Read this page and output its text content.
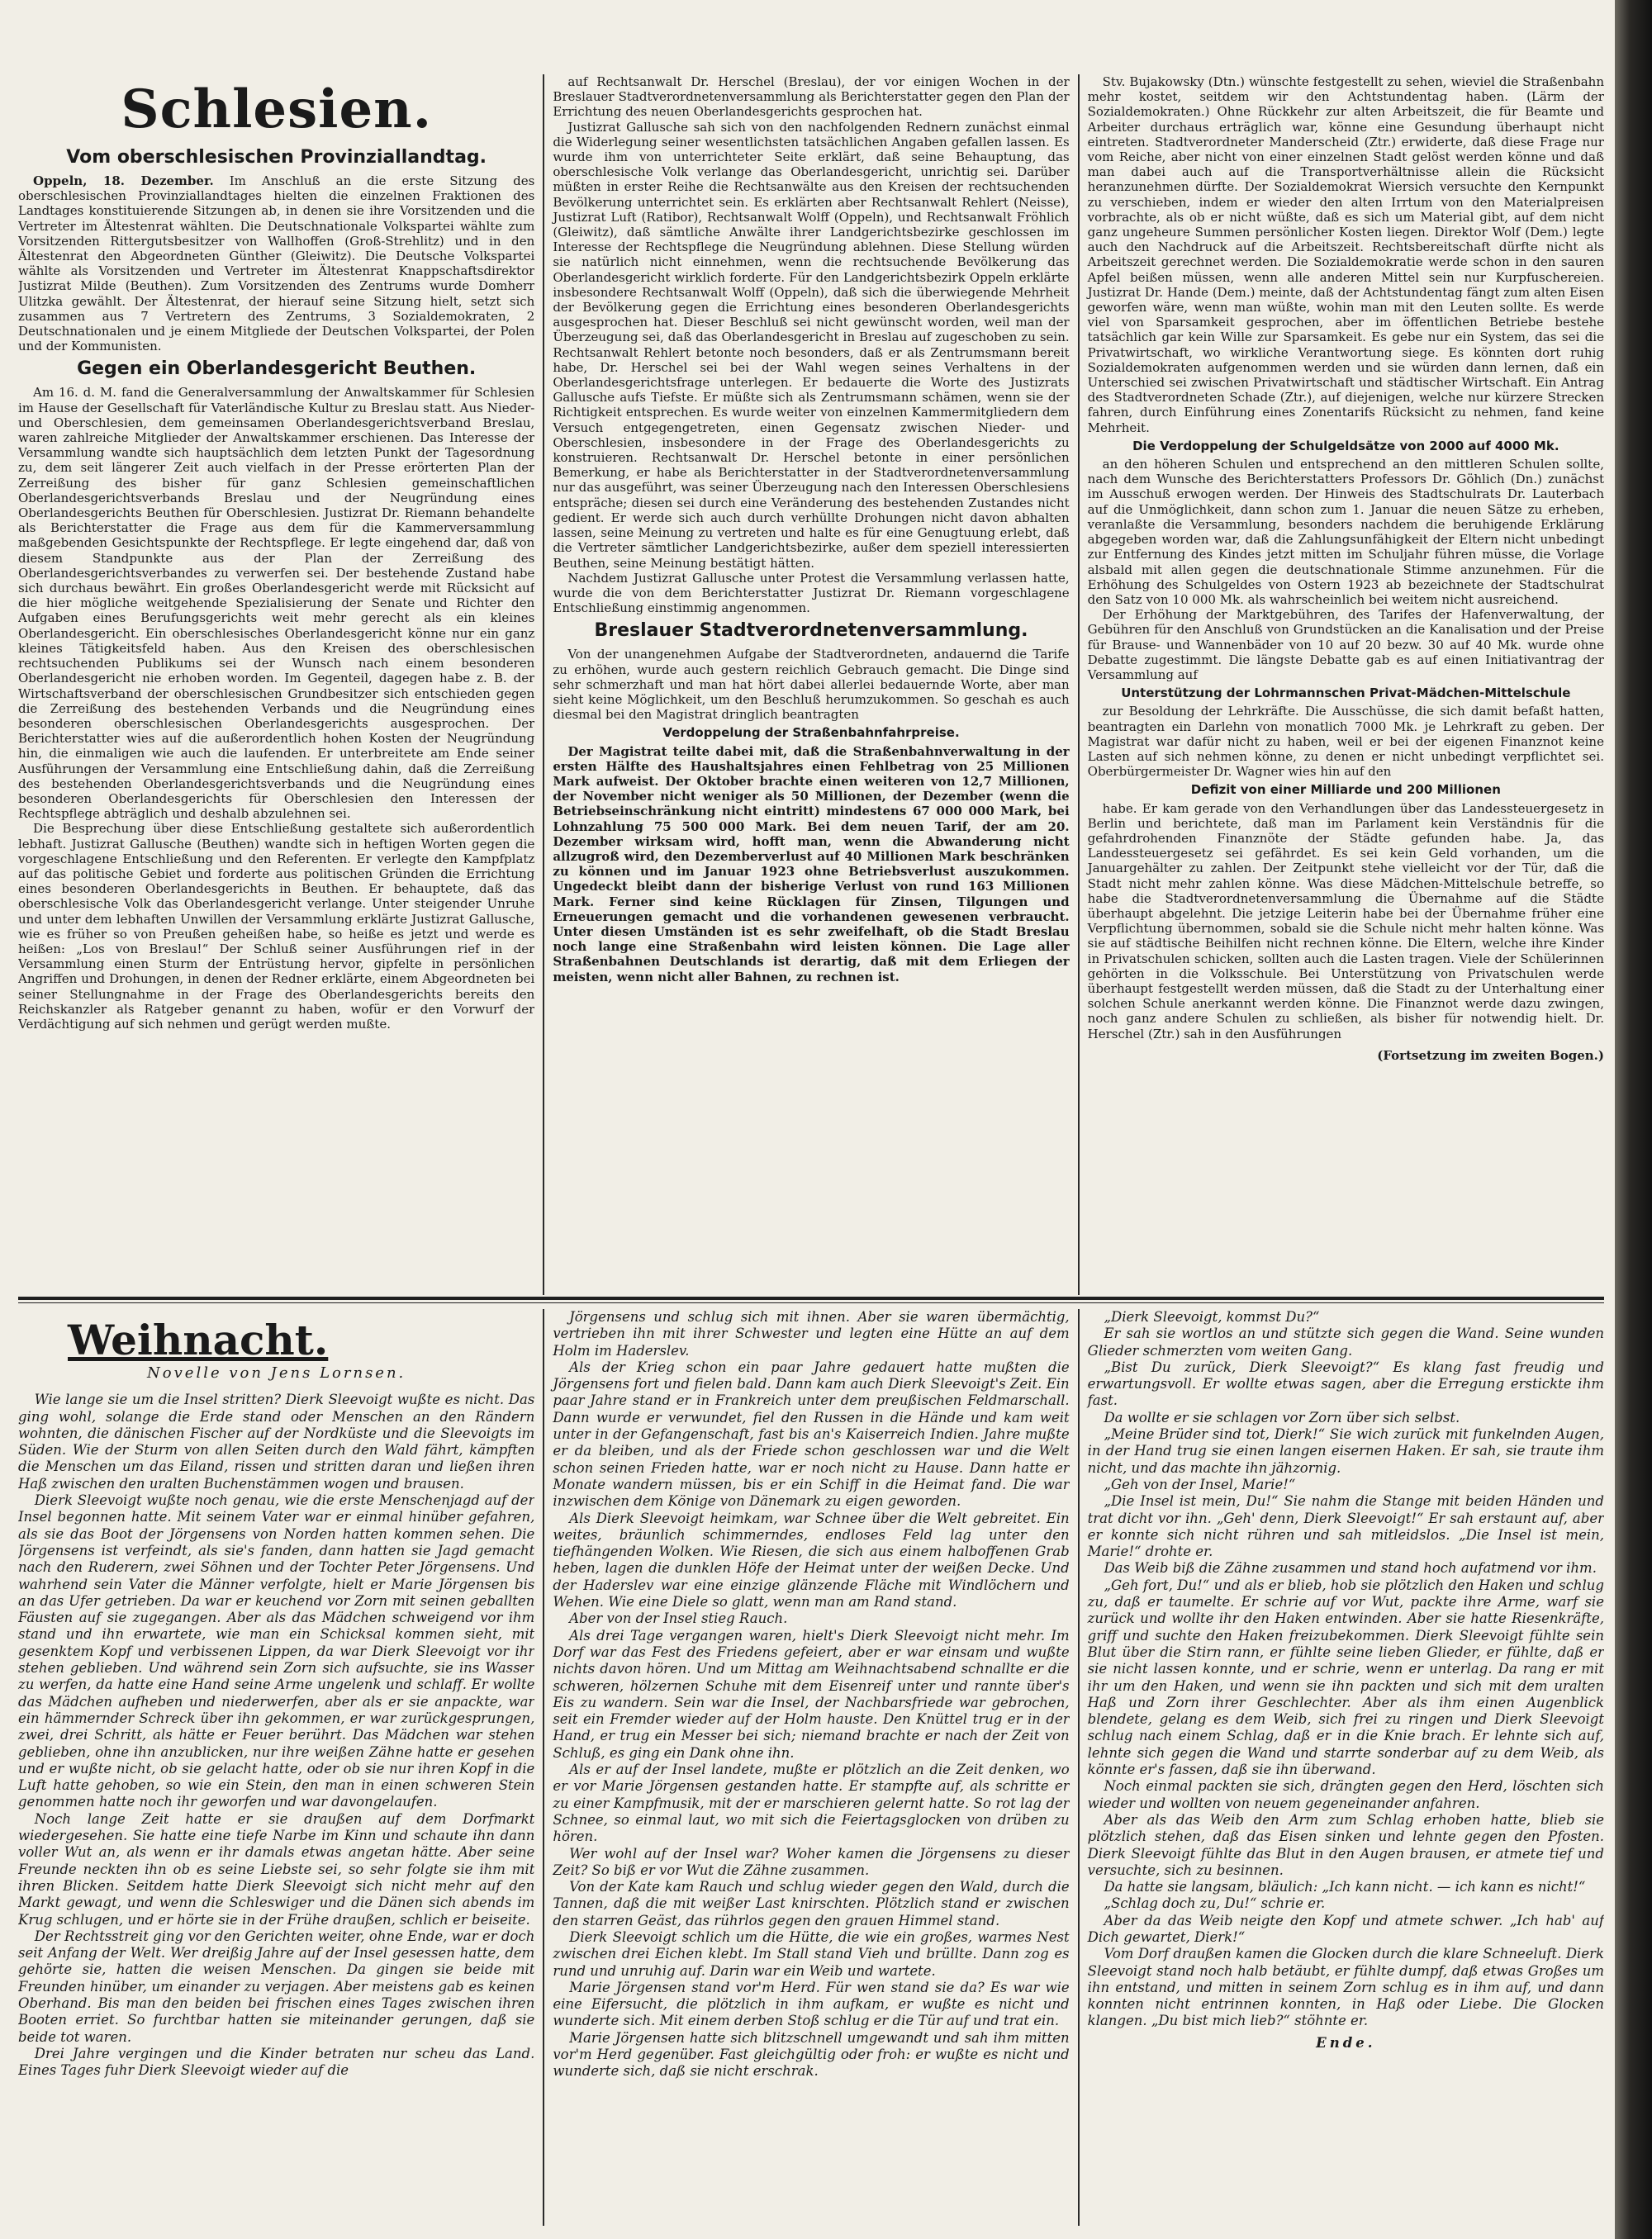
Schlesien.
Vom oberschlesischen Provinziallandtag.

Oppeln, 18. Dezember. Im Anschluß an die erste Sitzung des oberschlesischen Provinziallandtages hielten die einzelnen Fraktionen des Landtages konstituierende Sitzungen ab, in denen sie ihre Vorsitzenden und die Vertreter im Ältestenrat wählten. Die Deutschnationale Volkspartei wählte zum Vorsitzenden Rittergutsbesitzer von Wallhoffen (Groß-Strehlitz) und in den Ältestenrat den Abgeordneten Günther (Gleiwitz). Die Deutsche Volkspartei wählte als Vorsitzenden und Vertreter im Ältestenrat Knappschaftsdirektor Justizrat Milde (Beuthen). Zum Vorsitzenden des Zentrums wurde Domherr Ulitzka gewählt. Der Ältestenrat, der hierauf seine Sitzung hielt, setzt sich zusammen aus 7 Vertretern des Zentrums, 3 Sozialdemokraten, 2 Deutschnationalen und je einem Mitgliede der Deutschen Volkspartei, der Polen und der Kommunisten.

Gegen ein Oberlandesgericht Beuthen.

Am 16. d. M. fand die Generalversammlung der Anwaltskammer für Schlesien im Hause der Gesellschaft für Vaterländische Kultur zu Breslau statt. Aus Nieder- und Oberschlesien, dem gemeinsamen Oberlandesgerichtsverband Breslau, waren zahlreiche Mitglieder der Anwaltskammer erschienen. Das Interesse der Versammlung wandte sich hauptsächlich dem letzten Punkt der Tagesordnung zu, dem seit längerer Zeit auch vielfach in der Presse erörterten Plan der Zerreißung des bisher für ganz Schlesien gemeinschaftlichen Oberlandesgerichtsverbands Breslau und der Neugründung eines Oberlandesgerichts Beuthen für Oberschlesien. Justizrat Dr. Riemann behandelte als Berichterstatter die Frage aus dem für die Kammerversammlung maßgebenden Gesichtspunkte der Rechtspflege. Er legte eingehend dar, daß von diesem Standpunkte aus der Plan der Zerreißung des Oberlandesgerichtsverbandes zu verwerfen sei. Der bestehende Zustand habe sich durchaus bewährt. Ein großes Oberlandesgericht werde mit Rücksicht auf die hier mögliche weitgehende Spezialisierung der Senate und Richter den Aufgaben eines Berufungsgerichts weit mehr gerecht als ein kleines Oberlandesgericht. Ein oberschlesisches Oberlandesgericht könne nur ein ganz kleines Tätigkeitsfeld haben. Aus den Kreisen des oberschlesischen rechtsuchenden Publikums sei der Wunsch nach einem besonderen Oberlandesgericht nie erhoben worden. Im Gegenteil, dagegen habe z. B. der Wirtschaftsverband der oberschlesischen Grundbesitzer sich entschieden gegen die Zerreißung des bestehenden Verbands und die Neugründung eines besonderen oberschlesischen Oberlandesgerichts ausgesprochen. Der Berichterstatter wies auf die außerordentlich hohen Kosten der Neugründung hin, die einmaligen wie auch die laufenden. Er unterbreitete am Ende seiner Ausführungen der Versammlung eine Entschließung dahin, daß die Zerreißung des bestehenden Oberlandesgerichtsverbands und die Neugründung eines besonderen Oberlandesgerichts für Oberschlesien den Interessen der Rechtspflege abträglich und deshalb abzulehnen sei.

Die Besprechung über diese Entschließung gestaltete sich außerordentlich lebhaft. Justizrat Gallusche (Beuthen) wandte sich in heftigen Worten gegen die vorgeschlagene Entschließung und den Referenten. Er verlegte den Kampfplatz auf das politische Gebiet und forderte aus politischen Gründen die Errichtung eines besonderen Oberlandesgerichts in Beuthen. Er behauptete, daß das oberschlesische Volk das Oberlandesgericht verlange. Unter steigender Unruhe und unter dem lebhaften Unwillen der Versammlung erklärte Justizrat Gallusche, wie es früher so von Preußen geheißen habe, so heiße es jetzt und werde es heißen: „Los von Breslau!“ Der Schluß seiner Ausführungen rief in der Versammlung einen Sturm der Entrüstung hervor, gipfelte in persönlichen Angriffen und Drohungen, in denen der Redner erklärte, einem Abgeordneten bei seiner Stellungnahme in der Frage des Oberlandesgerichts bereits den Reichskanzler als Ratgeber genannt zu haben, wofür er den Vorwurf der Verdächtigung auf sich nehmen und gerügt werden mußte.

auf Rechtsanwalt Dr. Herschel (Breslau), der vor einigen Wochen in der Breslauer Stadtverordnetenversammlung als Berichterstatter gegen den Plan der Errichtung des neuen Oberlandesgerichts gesprochen hat.

Justizrat Gallusche sah sich von den nachfolgenden Rednern zunächst einmal die Widerlegung seiner wesentlichsten tatsächlichen Angaben gefallen lassen. Es wurde ihm von unterrichteter Seite erklärt, daß seine Behauptung, das oberschlesische Volk verlange das Oberlandesgericht, unrichtig sei. Darüber müßten in erster Reihe die Rechtsanwälte aus den Kreisen der rechtsuchenden Bevölkerung unterrichtet sein. Es erklärten aber Rechtsanwalt Rehlert (Neisse), Justizrat Luft (Ratibor), Rechtsanwalt Wolff (Oppeln), und Rechtsanwalt Fröhlich (Gleiwitz), daß sämtliche Anwälte ihrer Landgerichtsbezirke geschlossen im Interesse der Rechtspflege die Neugründung ablehnen. Diese Stellung würden sie natürlich nicht einnehmen, wenn die rechtsuchende Bevölkerung das Oberlandesgericht wirklich forderte. Für den Landgerichtsbezirk Oppeln erklärte insbesondere Rechtsanwalt Wolff (Oppeln), daß sich die überwiegende Mehrheit der Bevölkerung gegen die Errichtung eines besonderen Oberlandesgerichts ausgesprochen hat. Dieser Beschluß sei nicht gewünscht worden, weil man der Überzeugung sei, daß das Oberlandesgericht in Breslau auf zugeschoben zu sein. Rechtsanwalt Rehlert betonte noch besonders, daß er als Zentrumsmann bereit habe, Dr. Herschel sei bei der Wahl wegen seines Verhaltens in der Oberlandesgerichtsfrage unterlegen. Er bedauerte die Worte des Justizrats Gallusche aufs Tiefste. Er müßte sich als Zentrumsmann schämen, wenn sie der Richtigkeit entsprechen. Es wurde weiter von einzelnen Kammermitgliedern dem Versuch entgegengetreten, einen Gegensatz zwischen Nieder- und Oberschlesien, insbesondere in der Frage des Oberlandesgerichts zu konstruieren. Rechtsanwalt Dr. Herschel betonte in einer persönlichen Bemerkung, er habe als Berichterstatter in der Stadtverordnetenversammlung nur das ausgeführt, was seiner Überzeugung nach den Interessen Oberschlesiens entspräche; diesen sei durch eine Veränderung des bestehenden Zustandes nicht gedient. Er werde sich auch durch verhüllte Drohungen nicht davon abhalten lassen, seine Meinung zu vertreten und halte es für eine Genugtuung erlebt, daß die Vertreter sämtlicher Landgerichtsbezirke, außer dem speziell interessierten Beuthen, seine Meinung bestätigt hätten.

Nachdem Justizrat Gallusche unter Protest die Versammlung verlassen hatte, wurde die von dem Berichterstatter Justizrat Dr. Riemann vorgeschlagene Entschließung einstimmig angenommen.

Breslauer Stadtverordnetenversammlung.

Von der unangenehmen Aufgabe der Stadtverordneten, andauernd die Tarife zu erhöhen, wurde auch gestern reichlich Gebrauch gemacht. Die Dinge sind sehr schmerzhaft und man hat hört dabei allerlei bedauernde Worte, aber man sieht keine Möglichkeit, um den Beschluß herumzukommen. So geschah es auch diesmal bei den Magistrat dringlich beantragten

Verdoppelung der Straßenbahnfahrpreise.

Der Magistrat teilte dabei mit, daß die Straßenbahnverwaltung in der ersten Hälfte des Haushaltsjahres einen Fehlbetrag von 25 Millionen Mark aufweist. Der Oktober brachte einen weiteren von 12,7 Millionen, der November nicht weniger als 50 Millionen, der Dezember (wenn die Betriebseinschränkung nicht eintritt) mindestens 67 000 000 Mark, bei Lohnzahlung 75 500 000 Mark. Bei dem neuen Tarif, der am 20. Dezember wirksam wird, hofft man, wenn die Abwanderung nicht allzugroß wird, den Dezemberverlust auf 40 Millionen Mark beschränken zu können und im Januar 1923 ohne Betriebsverlust auszukommen. Ungedeckt bleibt dann der bisherige Verlust von rund 163 Millionen Mark. Ferner sind keine Rücklagen für Zinsen, Tilgungen und Erneuerungen gemacht und die vorhandenen gewesenen verbraucht. Unter diesen Umständen ist es sehr zweifelhaft, ob die Stadt Breslau noch lange eine Straßenbahn wird leisten können. Die Lage aller Straßenbahnen Deutschlands ist derartig, daß mit dem Erliegen der meisten, wenn nicht aller Bahnen, zu rechnen ist.

Stv. Bujakowsky (Dtn.) wünschte festgestellt zu sehen, wieviel die Straßenbahn mehr kostet, seitdem wir den Achtstundentag haben. (Lärm der Sozialdemokraten.) Ohne Rückkehr zur alten Arbeitszeit, die für Beamte und Arbeiter durchaus erträglich war, könne eine Gesundung überhaupt nicht eintreten. Stadtverordneter Manderscheid (Ztr.) erwiderte, daß diese Frage nur vom Reiche, aber nicht von einer einzelnen Stadt gelöst werden könne und daß man dabei auch auf die Transportverhältnisse allein die Rücksicht heranzunehmen dürfte. Der Sozialdemokrat Wiersich versuchte den Kernpunkt zu verschieben, indem er wieder den alten Irrtum von den Materialpreisen vorbrachte, als ob er nicht wüßte, daß es sich um Material gibt, auf dem nicht ganz ungeheure Summen persönlicher Kosten liegen. Direktor Wolf (Dem.) legte auch den Nachdruck auf die Arbeitszeit. Rechtsbereitschaft dürfte nicht als Arbeitszeit gerechnet werden. Die Sozialdemokratie werde schon in den sauren Apfel beißen müssen, wenn alle anderen Mittel sein nur Kurpfuschereien. Justizrat Dr. Hande (Dem.) meinte, daß der Achtstundentag fängt zum alten Eisen geworfen wäre, wenn man wüßte, wohin man mit den Leuten sollte. Es werde viel von Sparsamkeit gesprochen, aber im öffentlichen Betriebe bestehe tatsächlich gar kein Wille zur Sparsamkeit. Es gebe nur ein System, das sei die Privatwirtschaft, wo wirkliche Verantwortung siege. Es könnten dort ruhig Sozialdemokraten aufgenommen werden und sie würden dann lernen, daß ein Unterschied sei zwischen Privatwirtschaft und städtischer Wirtschaft. Ein Antrag des Stadtverordneten Schade (Ztr.), auf diejenigen, welche nur kürzere Strecken fahren, durch Einführung eines Zonentarifs Rücksicht zu nehmen, fand keine Mehrheit.

Die Verdoppelung der Schulgeldsätze von 2000 auf 4000 Mk.

an den höheren Schulen und entsprechend an den mittleren Schulen sollte, nach dem Wunsche des Berichterstatters Professors Dr. Göhlich (Dn.) zunächst im Ausschuß erwogen werden. Der Hinweis des Stadtschulrats Dr. Lauterbach auf die Unmöglichkeit, dann schon zum 1. Januar die neuen Sätze zu erheben, veranlaßte die Versammlung, besonders nachdem die beruhigende Erklärung abgegeben worden war, daß die Zahlungsunfähigkeit der Eltern nicht unbedingt zur Entfernung des Kindes jetzt mitten im Schuljahr führen müsse, die Vorlage alsbald mit allen gegen die deutschnationale Stimme anzunehmen. Für die Erhöhung des Schulgeldes von Ostern 1923 ab bezeichnete der Stadtschulrat den Satz von 10 000 Mk. als wahrscheinlich bei weitem nicht ausreichend.

Der Erhöhung der Marktgebühren, des Tarifes der Hafenverwaltung, der Gebühren für den Anschluß von Grundstücken an die Kanalisation und der Preise für Brause- und Wannenbäder von 10 auf 20 bezw. 30 auf 40 Mk. wurde ohne Debatte zugestimmt. Die längste Debatte gab es auf einen Initiativantrag der Versammlung auf

Unterstützung der Lohrmannschen Privat-Mädchen-Mittelschule

zur Besoldung der Lehrkräfte. Die Ausschüsse, die sich damit befaßt hatten, beantragten ein Darlehn von monatlich 7000 Mk. je Lehrkraft zu geben. Der Magistrat war dafür nicht zu haben, weil er bei der eigenen Finanznot keine Lasten auf sich nehmen könne, zu denen er nicht unbedingt verpflichtet sei. Oberbürgermeister Dr. Wagner wies hin auf den

Defizit von einer Milliarde und 200 Millionen

habe. Er kam gerade von den Verhandlungen über das Landessteuergesetz in Berlin und berichtete, daß man im Parlament kein Verständnis für die gefahrdrohenden Finanznöte der Städte gefunden habe. Ja, das Landessteuergesetz sei gefährdet. Es sei kein Geld vorhanden, um die Januargehälter zu zahlen. Der Zeitpunkt stehe vielleicht vor der Tür, daß die Stadt nicht mehr zahlen könne. Was diese Mädchen-Mittelschule betreffe, so habe die Stadtverordnetenversammlung die Übernahme auf die Städte überhaupt abgelehnt. Die jetzige Leiterin habe bei der Übernahme früher eine Verpflichtung übernommen, sobald sie die Schule nicht mehr halten könne. Was sie auf städtische Beihilfen nicht rechnen könne. Die Eltern, welche ihre Kinder in Privatschulen schicken, sollten auch die Lasten tragen. Viele der Schülerinnen gehörten in die Volksschule. Bei Unterstützung von Privatschulen werde überhaupt festgestellt werden müssen, daß die Stadt zu der Unterhaltung einer solchen Schule anerkannt werden könne. Die Finanznot werde dazu zwingen, noch ganz andere Schulen zu schließen, als bisher für notwendig hielt. Dr. Herschel (Ztr.) sah in den Ausführungen

(Fortsetzung im zweiten Bogen.)
Weihnacht.
Novelle von Jens Lornsen.

Wie lange sie um die Insel stritten? Dierk Sleevoigt wußte es nicht. Das ging wohl, solange die Erde stand oder Menschen an den Rändern wohnten, die dänischen Fischer auf der Nordküste und die Sleevoigts im Süden. Wie der Sturm von allen Seiten durch den Wald fährt, kämpften die Menschen um das Eiland, rissen und stritten daran und ließen ihren Haß zwischen den uralten Buchenstämmen wogen und brausen.

Dierk Sleevoigt wußte noch genau, wie die erste Menschenjagd auf der Insel begonnen hatte. Mit seinem Vater war er einmal hinüber gefahren, als sie das Boot der Jörgensens von Norden hatten kommen sehen. Die Jörgensens ist verfeindt, als sie's fanden, dann hatten sie Jagd gemacht nach den Ruderern, zwei Söhnen und der Tochter Peter Jörgensens. Und wahrhend sein Vater die Männer verfolgte, hielt er Marie Jörgensen bis an das Ufer getrieben. Da war er keuchend vor Zorn mit seinen geballten Fäusten auf sie zugegangen. Aber als das Mädchen schweigend vor ihm stand und ihn erwartete, wie man ein Schicksal kommen sieht, mit gesenktem Kopf und verbissenen Lippen, da war Dierk Sleevoigt vor ihr stehen geblieben. Und während sein Zorn sich aufsuchte, sie ins Wasser zu werfen, da hatte eine Hand seine Arme ungelenk und schlaff. Er wollte das Mädchen aufheben und niederwerfen, aber als er sie anpackte, war ein hämmernder Schreck über ihn gekommen, er war zurückgesprungen, zwei, drei Schritt, als hätte er Feuer berührt. Das Mädchen war stehen geblieben, ohne ihn anzublicken, nur ihre weißen Zähne hatte er gesehen und er wußte nicht, ob sie gelacht hatte, oder ob sie nur ihren Kopf in die Luft hatte gehoben, so wie ein Stein, den man in einen schweren Stein genommen hatte noch ihr geworfen und war davongelaufen.

Noch lange Zeit hatte er sie draußen auf dem Dorfmarkt wiedergesehen. Sie hatte eine tiefe Narbe im Kinn und schaute ihn dann voller Wut an, als wenn er ihr damals etwas angetan hätte. Aber seine Freunde neckten ihn ob es seine Liebste sei, so sehr folgte sie ihm mit ihren Blicken. Seitdem hatte Dierk Sleevoigt sich nicht mehr auf den Markt gewagt, und wenn die Schleswiger und die Dänen sich abends im Krug schlugen, und er hörte sie in der Frühe draußen, schlich er beiseite.

Der Rechtsstreit ging vor den Gerichten weiter, ohne Ende, war er doch seit Anfang der Welt. Wer dreißig Jahre auf der Insel gesessen hatte, dem gehörte sie, hatten die weisen Menschen. Da gingen sie beide mit Freunden hinüber, um einander zu verjagen. Aber meistens gab es keinen Oberhand. Bis man den beiden bei frischen eines Tages zwischen ihren Booten erriet. So furchtbar hatten sie miteinander gerungen, daß sie beide tot waren.

Drei Jahre vergingen und die Kinder betraten nur scheu das Land. Eines Tages fuhr Dierk Sleevoigt wieder auf die

Jörgensens und schlug sich mit ihnen. Aber sie waren übermächtig, vertrieben ihn mit ihrer Schwester und legten eine Hütte an auf dem Holm im Haderslev.

Als der Krieg schon ein paar Jahre gedauert hatte mußten die Jörgensens fort und fielen bald. Dann kam auch Dierk Sleevoigt's Zeit. Ein paar Jahre stand er in Frankreich unter dem preußischen Feldmarschall. Dann wurde er verwundet, fiel den Russen in die Hände und kam weit unter in der Gefangenschaft, fast bis an's Kaiserreich Indien. Jahre mußte er da bleiben, und als der Friede schon geschlossen war und die Welt schon seinen Frieden hatte, war er noch nicht zu Hause. Dann hatte er Monate wandern müssen, bis er ein Schiff in die Heimat fand. Die war inzwischen dem Könige von Dänemark zu eigen geworden.

Als Dierk Sleevoigt heimkam, war Schnee über die Welt gebreitet. Ein weites, bräunlich schimmerndes, endloses Feld lag unter den tiefhängenden Wolken. Wie Riesen, die sich aus einem halboffenen Grab heben, lagen die dunklen Höfe der Heimat unter der weißen Decke. Und der Haderslev war eine einzige glänzende Fläche mit Windlöchern und Wehen. Wie eine Diele so glatt, wenn man am Rand stand.

Aber von der Insel stieg Rauch.

Als drei Tage vergangen waren, hielt's Dierk Sleevoigt nicht mehr. Im Dorf war das Fest des Friedens gefeiert, aber er war einsam und wußte nichts davon hören. Und um Mittag am Weihnachtsabend schnallte er die schweren, hölzernen Schuhe mit dem Eisenreif unter und rannte über's Eis zu wandern. Sein war die Insel, der Nachbarsfriede war gebrochen, seit ein Fremder wieder auf der Holm hauste. Den Knüttel trug er in der Hand, er trug ein Messer bei sich; niemand brachte er nach der Zeit von Schluß, es ging ein Dank ohne ihn.

Als er auf der Insel landete, mußte er plötzlich an die Zeit denken, wo er vor Marie Jörgensen gestanden hatte. Er stampfte auf, als schritte er zu einer Kampfmusik, mit der er marschieren gelernt hatte. So rot lag der Schnee, so einmal laut, wo mit sich die Feiertagsglocken von drüben zu hören.

Wer wohl auf der Insel war? Woher kamen die Jörgensens zu dieser Zeit? So biß er vor Wut die Zähne zusammen.

Von der Kate kam Rauch und schlug wieder gegen den Wald, durch die Tannen, daß die mit weißer Last knirschten. Plötzlich stand er zwischen den starren Geäst, das rührlos gegen den grauen Himmel stand.

Dierk Sleevoigt schlich um die Hütte, die wie ein großes, warmes Nest zwischen drei Eichen klebt. Im Stall stand Vieh und brüllte. Dann zog es rund und unruhig auf. Darin war ein Weib und wartete.

Marie Jörgensen stand vor'm Herd. Für wen stand sie da? Es war wie eine Eifersucht, die plötzlich in ihm aufkam, er wußte es nicht und wunderte sich. Mit einem derben Stoß schlug er die Tür auf und trat ein.

Marie Jörgensen hatte sich blitzschnell umgewandt und sah ihm mitten vor'm Herd gegenüber. Fast gleichgültig oder froh: er wußte es nicht und wunderte sich, daß sie nicht erschrak.

„Dierk Sleevoigt, kommst Du?“

Er sah sie wortlos an und stützte sich gegen die Wand. Seine wunden Glieder schmerzten vom weiten Gang.

„Bist Du zurück, Dierk Sleevoigt?“ Es klang fast freudig und erwartungsvoll. Er wollte etwas sagen, aber die Erregung erstickte ihm fast.

Da wollte er sie schlagen vor Zorn über sich selbst.

„Meine Brüder sind tot, Dierk!“ Sie wich zurück mit funkelnden Augen, in der Hand trug sie einen langen eisernen Haken. Er sah, sie traute ihm nicht, und das machte ihn jähzornig.

„Geh von der Insel, Marie!“

„Die Insel ist mein, Du!“ Sie nahm die Stange mit beiden Händen und trat dicht vor ihn. „Geh' denn, Dierk Sleevoigt!“ Er sah erstaunt auf, aber er konnte sich nicht rühren und sah mitleidslos. „Die Insel ist mein, Marie!“ drohte er.

Das Weib biß die Zähne zusammen und stand hoch aufatmend vor ihm.

„Geh fort, Du!“ und als er blieb, hob sie plötzlich den Haken und schlug zu, daß er taumelte. Er schrie auf vor Wut, packte ihre Arme, warf sie zurück und wollte ihr den Haken entwinden. Aber sie hatte Riesenkräfte, griff und suchte den Haken freizubekommen. Dierk Sleevoigt fühlte sein Blut über die Stirn rann, er fühlte seine lieben Glieder, er fühlte, daß er sie nicht lassen konnte, und er schrie, wenn er unterlag. Da rang er mit ihr um den Haken, und wenn sie ihn packten und sich mit dem uralten Haß und Zorn ihrer Geschlechter. Aber als ihm einen Augenblick blendete, gelang es dem Weib, sich frei zu ringen und Dierk Sleevoigt schlug nach einem Schlag, daß er in die Knie brach. Er lehnte sich auf, lehnte sich gegen die Wand und starrte sonderbar auf zu dem Weib, als könnte er's fassen, daß sie ihn überwand.

Noch einmal packten sie sich, drängten gegen den Herd, löschten sich wieder und wollten von neuem gegeneinander anfahren.

Aber als das Weib den Arm zum Schlag erhoben hatte, blieb sie plötzlich stehen, daß das Eisen sinken und lehnte gegen den Pfosten. Dierk Sleevoigt fühlte das Blut in den Augen brausen, er atmete tief und versuchte, sich zu besinnen.

Da hatte sie langsam, bläulich: „Ich kann nicht. — ich kann es nicht!“

„Schlag doch zu, Du!“ schrie er.

Aber da das Weib neigte den Kopf und atmete schwer. „Ich hab' auf Dich gewartet, Dierk!“

Vom Dorf draußen kamen die Glocken durch die klare Schneeluft. Dierk Sleevoigt stand noch halb betäubt, er fühlte dumpf, daß etwas Großes um ihn entstand, und mitten in seinem Zorn schlug es in ihm auf, und dann konnten nicht entrinnen konnten, in Haß oder Liebe. Die Glocken klangen. „Du bist mich lieb?“ stöhnte er.

Ende.
